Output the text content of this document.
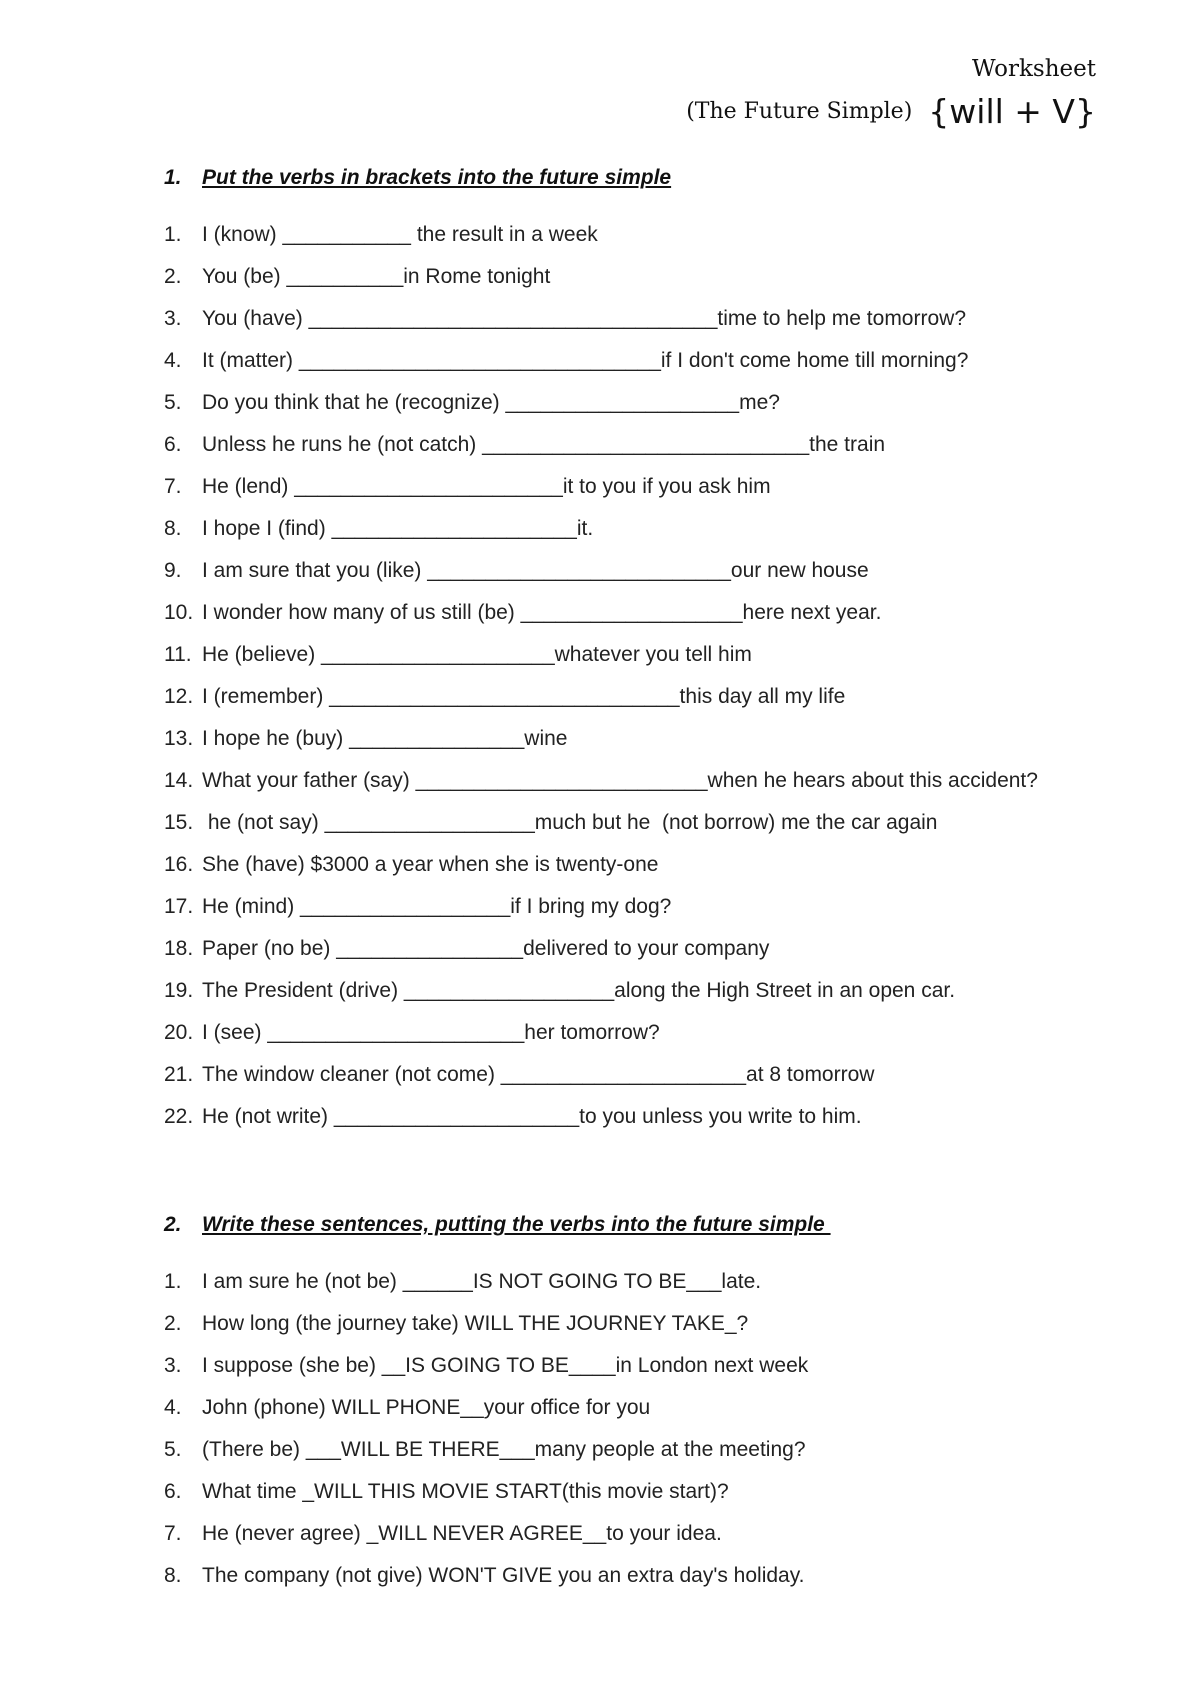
Worksheet
(The Future Simple) {will + V}
1. Put the verbs in brackets into the future simple
1. I (know) ___________ the result in a week
2. You (be) __________in Rome tonight
3. You (have) ___________________________________time to help me tomorrow?
4. It (matter) _______________________________if I don't come home till morning?
5. Do you think that he (recognize) ____________________me?
6. Unless he runs he (not catch) ____________________________the train
7. He (lend) _______________________it to you if you ask him
8. I hope I (find) _____________________it.
9. I am sure that you (like) __________________________our new house
10. I wonder how many of us still (be) ___________________here next year.
11. He (believe) ____________________whatever you tell him
12. I (remember) ______________________________this day all my life
13. I hope he (buy) _______________wine
14. What your father (say) _________________________when he hears about this accident?
15. he (not say) __________________much but he  (not borrow) me the car again
16. She (have) $3000 a year when she is twenty-one
17. He (mind) __________________if I bring my dog?
18. Paper (no be) ________________delivered to your company
19. The President (drive) __________________along the High Street in an open car.
20. I (see) ______________________her tomorrow?
21. The window cleaner (not come) _____________________at 8 tomorrow
22. He (not write) _____________________to you unless you write to him.
2. Write these sentences, putting the verbs into the future simple
1. I am sure he (not be) ______IS NOT GOING TO BE___late.
2. How long (the journey take) WILL THE JOURNEY TAKE_?
3. I suppose (she be) __IS GOING TO BE____in London next week
4. John (phone) WILL PHONE__your office for you
5. (There be) ___WILL BE THERE___many people at the meeting?
6. What time _WILL THIS MOVIE START(this movie start)?
7. He (never agree) _WILL NEVER AGREE__to your idea.
8. The company (not give) WON'T GIVE you an extra day's holiday.
